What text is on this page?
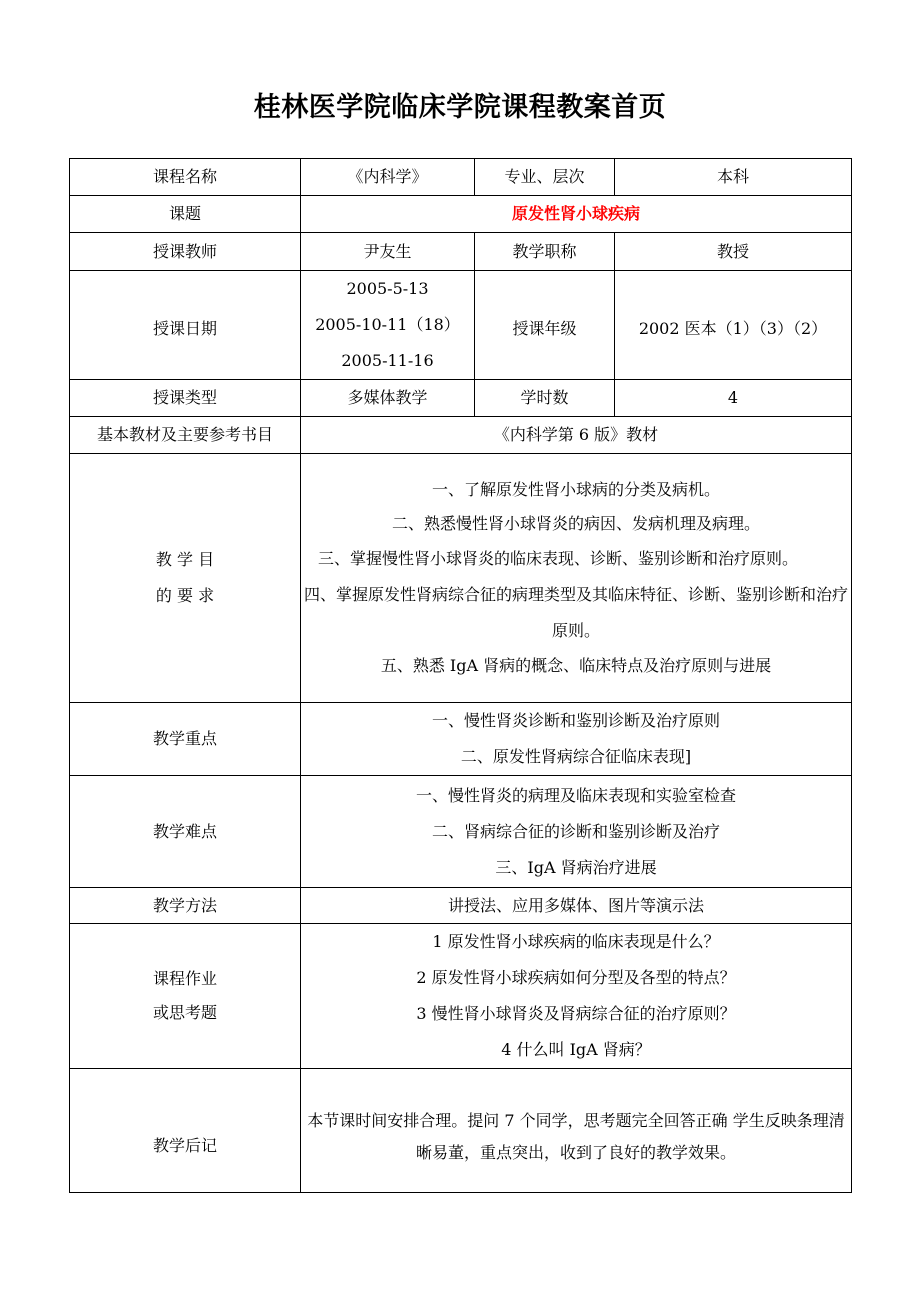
桂林医学院临床学院课程教案首页
课程名称	《内科学》	专业、层次	本科
课题	原发性肾小球疾病		
授课教师	尹友生	教学职称	教授
授课日期	2005-5-13
2005-10-11（18）
2005-11-16	授课年级	2002 医本（1）（3）（2）
授课类型	多媒体教学	学时数	4
基本教材及主要参考书目	《内科学第 6 版》教材		

教 学 目
的 要 求	一、了解原发性肾小球病的分类及病机。
二、熟悉慢性肾小球肾炎的病因、发病机理及病理。
三、掌握慢性肾小球肾炎的临床表现、诊断、鉴别诊断和治疗原则。
四、掌握原发性肾病综合征的病理类型及其临床特征、诊断、鉴别诊断和治疗原则。
五、熟悉 IgA 肾病的概念、临床特点及治疗原则与进展		

教学重点	一、慢性肾炎诊断和鉴别诊断及治疗原则
二、原发性肾病综合征临床表现]		

教学难点	一、慢性肾炎的病理及临床表现和实验室检查
二、肾病综合征的诊断和鉴别诊断及治疗
三、IgA 肾病治疗进展		

教学方法	讲授法、应用多媒体、图片等演示法		

课程作业
或思考题	1 原发性肾小球疾病的临床表现是什么？
2 原发性肾小球疾病如何分型及各型的特点？
3 慢性肾小球肾炎及肾病综合征的治疗原则？
4 什么叫 IgA 肾病？		

教学后记	本节课时间安排合理。提问 7 个同学，思考题完全回答正确 学生反映条理清晰易董，重点突出，收到了良好的教学效果。		
